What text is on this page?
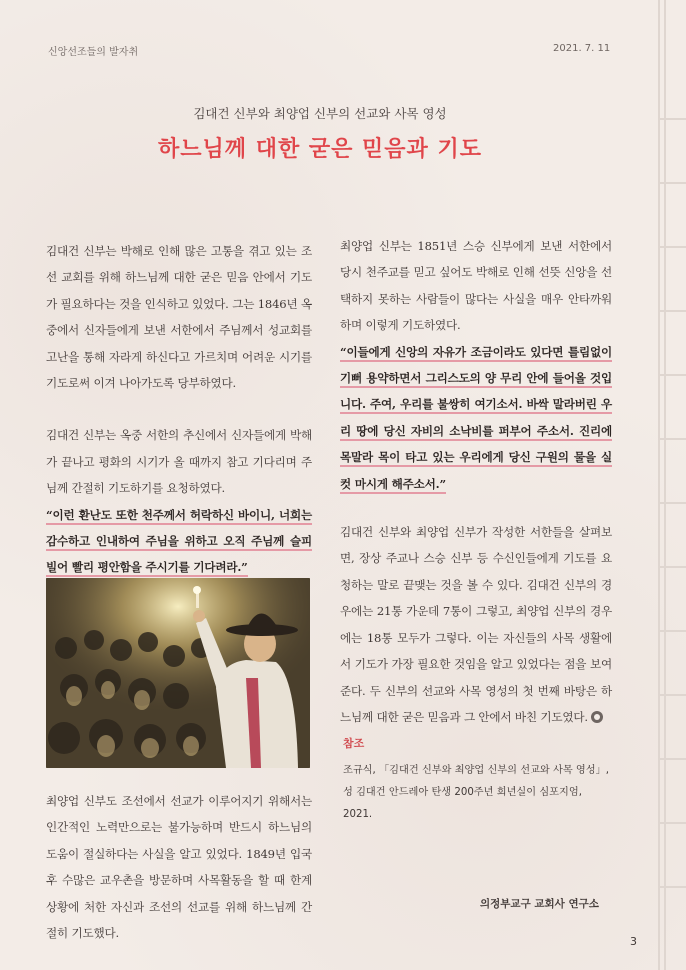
신앙선조들의 발자취	2021. 7. 11
김대건 신부와 최양업 신부의 선교와 사목 영성
하느님께 대한 굳은 믿음과 기도

김대건 신부는 박해로 인해 많은 고통을 겪고 있는 조선 교회를 위해 하느님께 대한 굳은 믿음 안에서 기도가 필요하다는 것을 인식하고 있었다. 그는 1846년 옥중에서 신자들에게 보낸 서한에서 주님께서 성교회를 고난을 통해 자라게 하신다고 가르치며 어려운 시기를 기도로써 이겨 나아가도록 당부하였다.

김대건 신부는 옥중 서한의 추신에서 신자들에게 박해가 끝나고 평화의 시기가 올 때까지 참고 기다리며 주님께 간절히 기도하기를 요청하였다.

“이런 환난도 또한 천주께서 허락하신 바이니, 너희는 감수하고 인내하여 주님을 위하고 오직 주님께 슬피 빌어 빨리 평안함을 주시기를 기다려라.”

최양업 신부도 조선에서 선교가 이루어지기 위해서는 인간적인 노력만으로는 불가능하며 반드시 하느님의 도움이 절실하다는 사실을 알고 있었다. 1849년 입국 후 수많은 교우촌을 방문하며 사목활동을 할 때 한계 상황에 처한 자신과 조선의 선교를 위해 하느님께 간절히 기도했다.

최양업 신부는 1851년 스승 신부에게 보낸 서한에서 당시 천주교를 믿고 싶어도 박해로 인해 선뜻 신앙을 선택하지 못하는 사람들이 많다는 사실을 매우 안타까워하며 이렇게 기도하였다.

“이들에게 신앙의 자유가 조금이라도 있다면 틀림없이 기뻐 용약하면서 그리스도의 양 무리 안에 들어올 것입니다. 주여, 우리를 불쌍히 여기소서. 바싹 말라버린 우리 땅에 당신 자비의 소낙비를 퍼부어 주소서. 진리에 목말라 목이 타고 있는 우리에게 당신 구원의 물을 실컷 마시게 해주소서.”

김대건 신부와 최양업 신부가 작성한 서한들을 살펴보면, 장상 주교나 스승 신부 등 수신인들에게 기도를 요청하는 말로 끝맺는 것을 볼 수 있다. 김대건 신부의 경우에는 21통 가운데 7통이 그렇고, 최양업 신부의 경우에는 18통 모두가 그렇다. 이는 자신들의 사목 생활에서 기도가 가장 필요한 것임을 알고 있었다는 점을 보여 준다. 두 신부의 선교와 사목 영성의 첫 번째 바탕은 하느님께 대한 굳은 믿음과 그 안에서 바친 기도였다.

참조
조규식, 「김대건 신부와 최양업 신부의 선교와 사목 영성」, 성 김대건 안드레아 탄생 200주년 희년실이 심포지엄, 2021.
의정부교구 교회사 연구소
3
